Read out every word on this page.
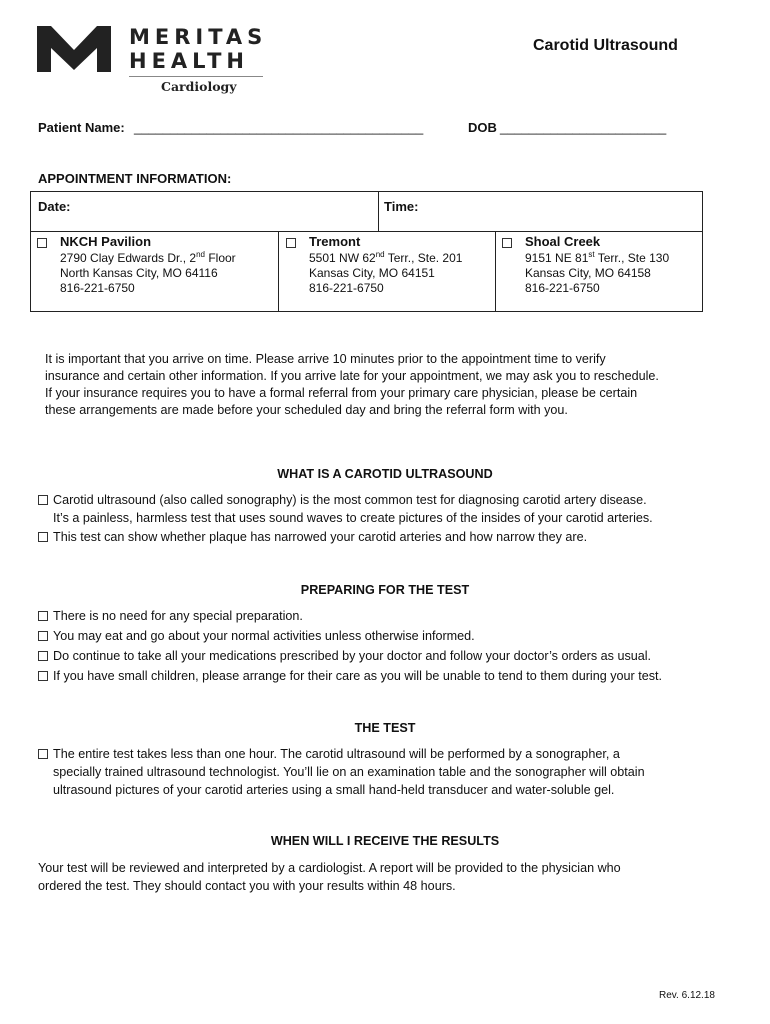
MERITAS
HEALTH
Cardiology
Carotid Ultrasound
Patient Name: ________________________________________	DOB _______________________
APPOINTMENT INFORMATION:
Date:	Time:
NKCH Pavilion
2790 Clay Edwards Dr., 2nd Floor
North Kansas City, MO 64116
816-221-6750
Tremont
5501 NW 62nd Terr., Ste. 201
Kansas City, MO 64151
816-221-6750
Shoal Creek
9151 NE 81st Terr., Ste 130
Kansas City, MO 64158
816-221-6750
It is important that you arrive on time. Please arrive 10 minutes prior to the appointment time to verify
insurance and certain other information. If you arrive late for your appointment, we may ask you to reschedule.
If your insurance requires you to have a formal referral from your primary care physician, please be certain
these arrangements are made before your scheduled day and bring the referral form with you.
WHAT IS A CAROTID ULTRASOUND
Carotid ultrasound (also called sonography) is the most common test for diagnosing carotid artery disease.
It’s a painless, harmless test that uses sound waves to create pictures of the insides of your carotid arteries.
This test can show whether plaque has narrowed your carotid arteries and how narrow they are.
PREPARING FOR THE TEST
There is no need for any special preparation.
You may eat and go about your normal activities unless otherwise informed.
Do continue to take all your medications prescribed by your doctor and follow your doctor’s orders as usual.
If you have small children, please arrange for their care as you will be unable to tend to them during your test.
THE TEST
The entire test takes less than one hour. The carotid ultrasound will be performed by a sonographer, a
specially trained ultrasound technologist. You’ll lie on an examination table and the sonographer will obtain
ultrasound pictures of your carotid arteries using a small hand-held transducer and water-soluble gel.
WHEN WILL I RECEIVE THE RESULTS
Your test will be reviewed and interpreted by a cardiologist. A report will be provided to the physician who
ordered the test. They should contact you with your results within 48 hours.
Rev. 6.12.18
